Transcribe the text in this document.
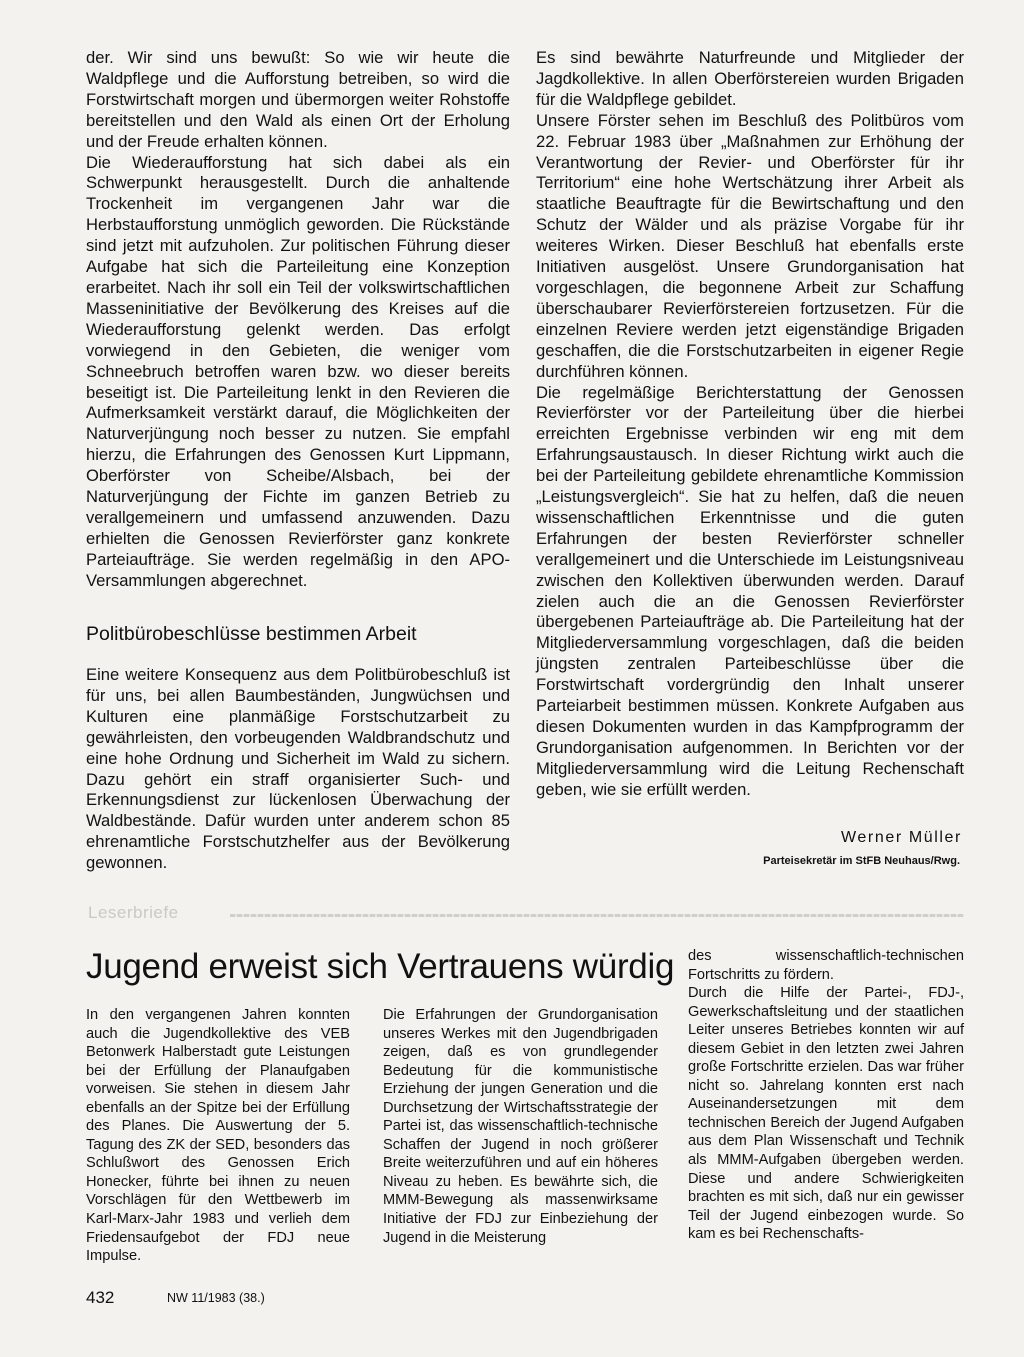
der. Wir sind uns bewußt: So wie wir heute die Waldpflege und die Aufforstung betreiben, so wird die Forstwirtschaft morgen und übermorgen weiter Rohstoffe bereitstellen und den Wald als einen Ort der Erholung und der Freude erhalten können.

Die Wiederaufforstung hat sich dabei als ein Schwerpunkt herausgestellt. Durch die anhaltende Trockenheit im vergangenen Jahr war die Herbstaufforstung unmöglich geworden. Die Rückstände sind jetzt mit aufzuholen. Zur politischen Führung dieser Aufgabe hat sich die Parteileitung eine Konzeption erarbeitet. Nach ihr soll ein Teil der volkswirtschaftlichen Masseninitiative der Bevölkerung des Kreises auf die Wiederaufforstung gelenkt werden. Das erfolgt vorwiegend in den Gebieten, die weniger vom Schneebruch betroffen waren bzw. wo dieser bereits beseitigt ist. Die Parteileitung lenkt in den Revieren die Aufmerksamkeit verstärkt darauf, die Möglichkeiten der Naturverjüngung noch besser zu nutzen. Sie empfahl hierzu, die Erfahrungen des Genossen Kurt Lippmann, Oberförster von Scheibe/Alsbach, bei der Naturverjüngung der Fichte im ganzen Betrieb zu verallgemeinern und umfassend anzuwenden. Dazu erhielten die Genossen Revierförster ganz konkrete Parteiaufträge. Sie werden regelmäßig in den APO-Versammlungen abgerechnet.

Politbürobeschlüsse bestimmen Arbeit

Eine weitere Konsequenz aus dem Politbürobeschluß ist für uns, bei allen Baumbeständen, Jungwüchsen und Kulturen eine planmäßige Forstschutzarbeit zu gewährleisten, den vorbeugenden Waldbrandschutz und eine hohe Ordnung und Sicherheit im Wald zu sichern. Dazu gehört ein straff organisierter Such- und Erkennungsdienst zur lückenlosen Überwachung der Waldbestände. Dafür wurden unter anderem schon 85 ehrenamtliche Forstschutzhelfer aus der Bevölkerung gewonnen.

Es sind bewährte Naturfreunde und Mitglieder der Jagdkollektive. In allen Oberförstereien wurden Brigaden für die Waldpflege gebildet.

Unsere Förster sehen im Beschluß des Politbüros vom 22. Februar 1983 über „Maßnahmen zur Erhöhung der Verantwortung der Revier- und Oberförster für ihr Territorium“ eine hohe Wertschätzung ihrer Arbeit als staatliche Beauftragte für die Bewirtschaftung und den Schutz der Wälder und als präzise Vorgabe für ihr weiteres Wirken. Dieser Beschluß hat ebenfalls erste Initiativen ausgelöst. Unsere Grundorganisation hat vorgeschlagen, die begonnene Arbeit zur Schaffung überschaubarer Revierförstereien fortzusetzen. Für die einzelnen Reviere werden jetzt eigenständige Brigaden geschaffen, die die Forstschutzarbeiten in eigener Regie durchführen können.

Die regelmäßige Berichterstattung der Genossen Revierförster vor der Parteileitung über die hierbei erreichten Ergebnisse verbinden wir eng mit dem Erfahrungsaustausch. In dieser Richtung wirkt auch die bei der Parteileitung gebildete ehrenamtliche Kommission „Leistungsvergleich“. Sie hat zu helfen, daß die neuen wissenschaftlichen Erkenntnisse und die guten Erfahrungen der besten Revierförster schneller verallgemeinert und die Unterschiede im Leistungsniveau zwischen den Kollektiven überwunden werden. Darauf zielen auch die an die Genossen Revierförster übergebenen Parteiaufträge ab. Die Parteileitung hat der Mitgliederversammlung vorgeschlagen, daß die beiden jüngsten zentralen Parteibeschlüsse über die Forstwirtschaft vordergründig den Inhalt unserer Parteiarbeit bestimmen müssen. Konkrete Aufgaben aus diesen Dokumenten wurden in das Kampfprogramm der Grundorganisation aufgenommen. In Berichten vor der Mitgliederversammlung wird die Leitung Rechenschaft geben, wie sie erfüllt werden.

Werner Müller

Parteisekretär im StFB Neuhaus/Rwg.

Leserbriefe
Jugend erweist sich Vertrauens würdig

In den vergangenen Jahren konnten auch die Jugendkollektive des VEB Betonwerk Halberstadt gute Leistungen bei der Erfüllung der Planaufgaben vorweisen. Sie stehen in diesem Jahr ebenfalls an der Spitze bei der Erfüllung des Planes. Die Auswertung der 5. Tagung des ZK der SED, besonders das Schlußwort des Genossen Erich Honecker, führte bei ihnen zu neuen Vorschlägen für den Wettbewerb im Karl-Marx-Jahr 1983 und verlieh dem Friedensaufgebot der FDJ neue Impulse.

Die Erfahrungen der Grundorganisation unseres Werkes mit den Jugendbrigaden zeigen, daß es von grundlegender Bedeutung für die kommunistische Erziehung der jungen Generation und die Durchsetzung der Wirtschaftsstrategie der Partei ist, das wissenschaftlich-technische Schaffen der Jugend in noch größerer Breite weiterzuführen und auf ein höheres Niveau zu heben. Es bewährte sich, die MMM-Bewegung als massenwirksame Initiative der FDJ zur Einbeziehung der Jugend in die Meisterung

des wissenschaftlich-technischen Fortschritts zu fördern.

Durch die Hilfe der Partei-, FDJ-, Gewerkschaftsleitung und der staatlichen Leiter unseres Betriebes konnten wir auf diesem Gebiet in den letzten zwei Jahren große Fortschritte erzielen. Das war früher nicht so. Jahrelang konnten erst nach Auseinandersetzungen mit dem technischen Bereich der Jugend Aufgaben aus dem Plan Wissenschaft und Technik als MMM-Aufgaben übergeben werden. Diese und andere Schwierigkeiten brachten es mit sich, daß nur ein gewisser Teil der Jugend einbezogen wurde. So kam es bei Rechenschafts-

432	NW 11/1983 (38.)
